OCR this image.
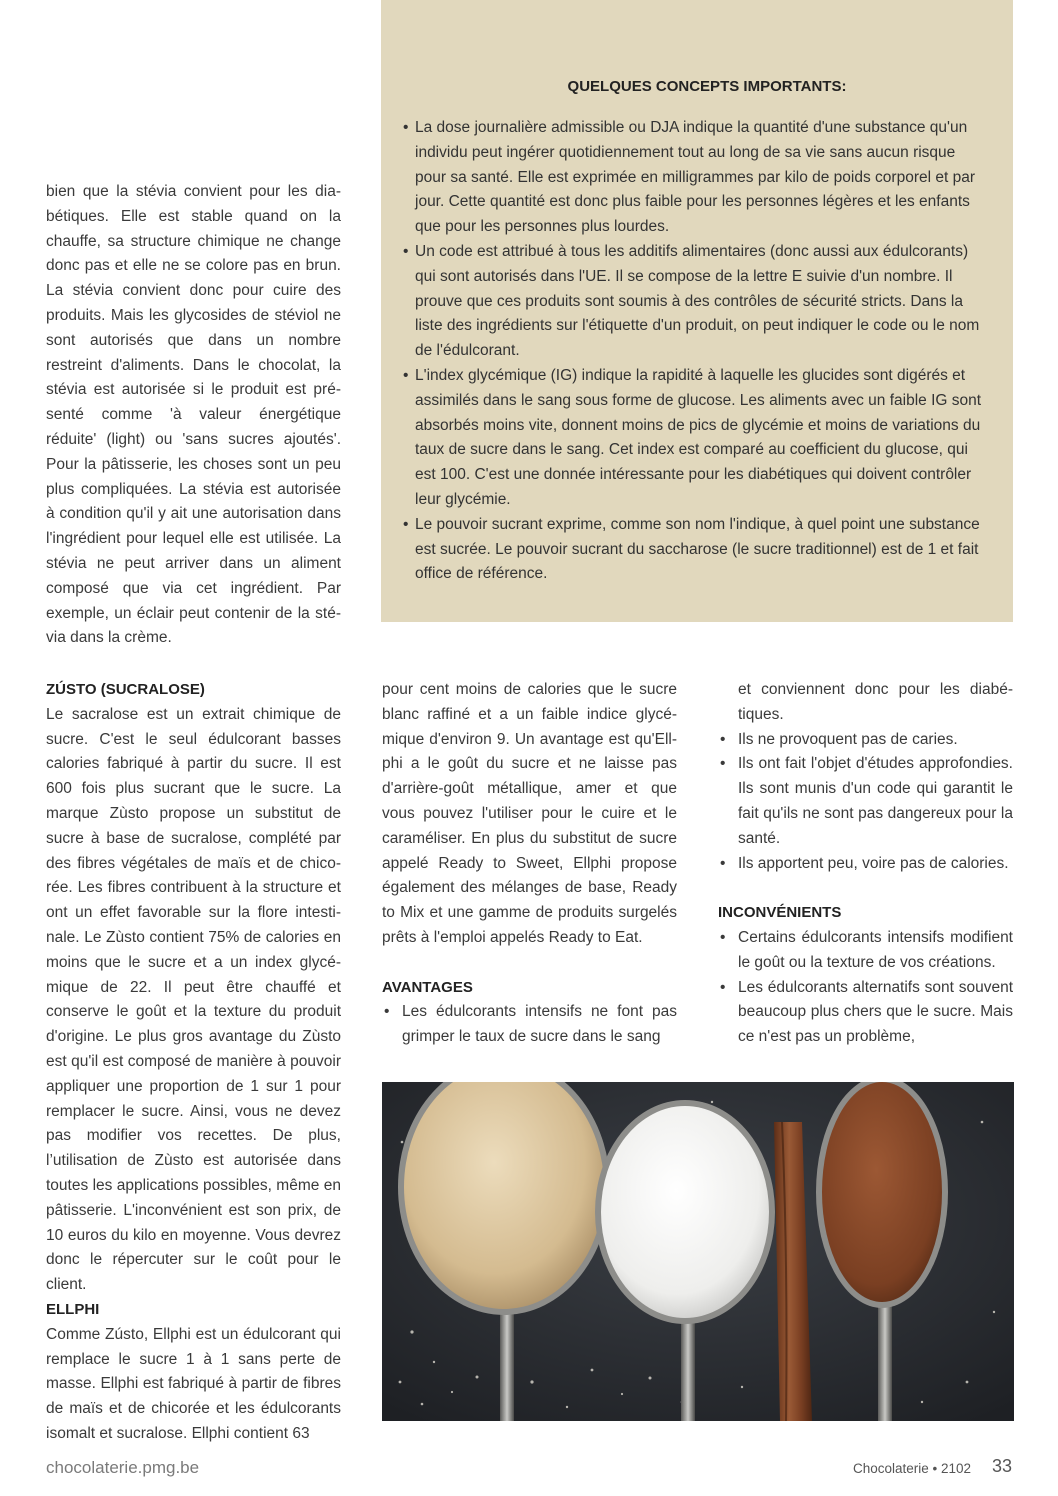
bien que la stévia convient pour les diabétiques. Elle est stable quand on la chauffe, sa structure chimique ne change donc pas et elle ne se colore pas en brun. La stévia convient donc pour cuire des produits. Mais les glycosides de stéviol ne sont autorisés que dans un nombre restreint d'aliments. Dans le chocolat, la stévia est autorisée si le produit est présenté comme 'à valeur énergétique réduite' (light) ou 'sans sucres ajoutés'. Pour la pâtisserie, les choses sont un peu plus compliquées. La stévia est autorisée à condition qu'il y ait une autorisation dans l'ingrédient pour lequel elle est utilisée. La stévia ne peut arriver dans un aliment composé que via cet ingrédient. Par exemple, un éclair peut contenir de la stévia dans la crème.

QUELQUES CONCEPTS IMPORTANTS:
• La dose journalière admissible ou DJA indique la quantité d'une substance qu'un individu peut ingérer quotidiennement tout au long de sa vie sans aucun risque pour sa santé. Elle est exprimée en milligrammes par kilo de poids corporel et par jour. Cette quantité est donc plus faible pour les personnes légères et les enfants que pour les personnes plus lourdes.
• Un code est attribué à tous les additifs alimentaires (donc aussi aux édulcorants) qui sont autorisés dans l'UE. Il se compose de la lettre E suivie d'un nombre. Il prouve que ces produits sont soumis à des contrôles de sécurité stricts. Dans la liste des ingrédients sur l'étiquette d'un produit, on peut indiquer le code ou le nom de l'édulcorant.
• L'index glycémique (IG) indique la rapidité à laquelle les glucides sont digérés et assimilés dans le sang sous forme de glucose. Les aliments avec un faible IG sont absorbés moins vite, donnent moins de pics de glycémie et moins de variations du taux de sucre dans le sang. Cet index est comparé au coefficient du glucose, qui est 100. C'est une donnée intéressante pour les diabétiques qui doivent contrôler leur glycémie.
• Le pouvoir sucrant exprime, comme son nom l'indique, à quel point une substance est sucrée. Le pouvoir sucrant du saccharose (le sucre traditionnel) est de 1 et fait office de référence.
ZÚSTO (SUCRALOSE)

Le sacralose est un extrait chimique de sucre. C'est le seul édulcorant basses calories fabriqué à partir du sucre. Il est 600 fois plus sucrant que le sucre. La marque Zùsto propose un substitut de sucre à base de sucralose, complété par des fibres végétales de maïs et de chicorée. Les fibres contribuent à la structure et ont un effet favorable sur la flore intestinale. Le Zùsto contient 75% de calories en moins que le sucre et a un index glycémique de 22. Il peut être chauffé et conserve le goût et la texture du produit d'origine. Le plus gros avantage du Zùsto est qu'il est composé de manière à pouvoir appliquer une proportion de 1 sur 1 pour remplacer le sucre. Ainsi, vous ne devez pas modifier vos recettes. De plus, l’utilisation de Zùsto est autorisée dans toutes les applications possibles, même en pâtisserie. L'inconvénient est son prix, de 10 euros du kilo en moyenne. Vous devrez donc le répercuter sur le coût pour le client.

ELLPHI

Comme Zústo, Ellphi est un édulcorant qui remplace le sucre 1 à 1 sans perte de masse. Ellphi est fabriqué à partir de fibres de maïs et de chicorée et les édulcorants isomalt et sucralose. Ellphi contient 63

pour cent moins de calories que le sucre blanc raffiné et a un faible indice glycémique d'environ 9. Un avantage est qu'Ellphi a le goût du sucre et ne laisse pas d'arrière-goût métallique, amer et que vous pouvez l'utiliser pour le cuire et le caraméliser. En plus du substitut de sucre appelé Ready to Sweet, Ellphi propose également des mélanges de base, Ready to Mix et une gamme de produits surgelés prêts à l'emploi appelés Ready to Eat.

AVANTAGES
• Les édulcorants intensifs ne font pas grimper le taux de sucre dans le sang
et conviennent donc pour les diabétiques.
• Ils ne provoquent pas de caries.
• Ils ont fait l'objet d'études approfondies. Ils sont munis d'un code qui garantit le fait qu'ils ne sont pas dangereux pour la santé.
• Ils apportent peu, voire pas de calories.
INCONVÉNIENTS
• Certains édulcorants intensifs modifient le goût ou la texture de vos créations.
• Les édulcorants alternatifs sont souvent beaucoup plus chers que le sucre. Mais ce n'est pas un problème,
chocolaterie.pmg.be	Chocolaterie • 2102 33
